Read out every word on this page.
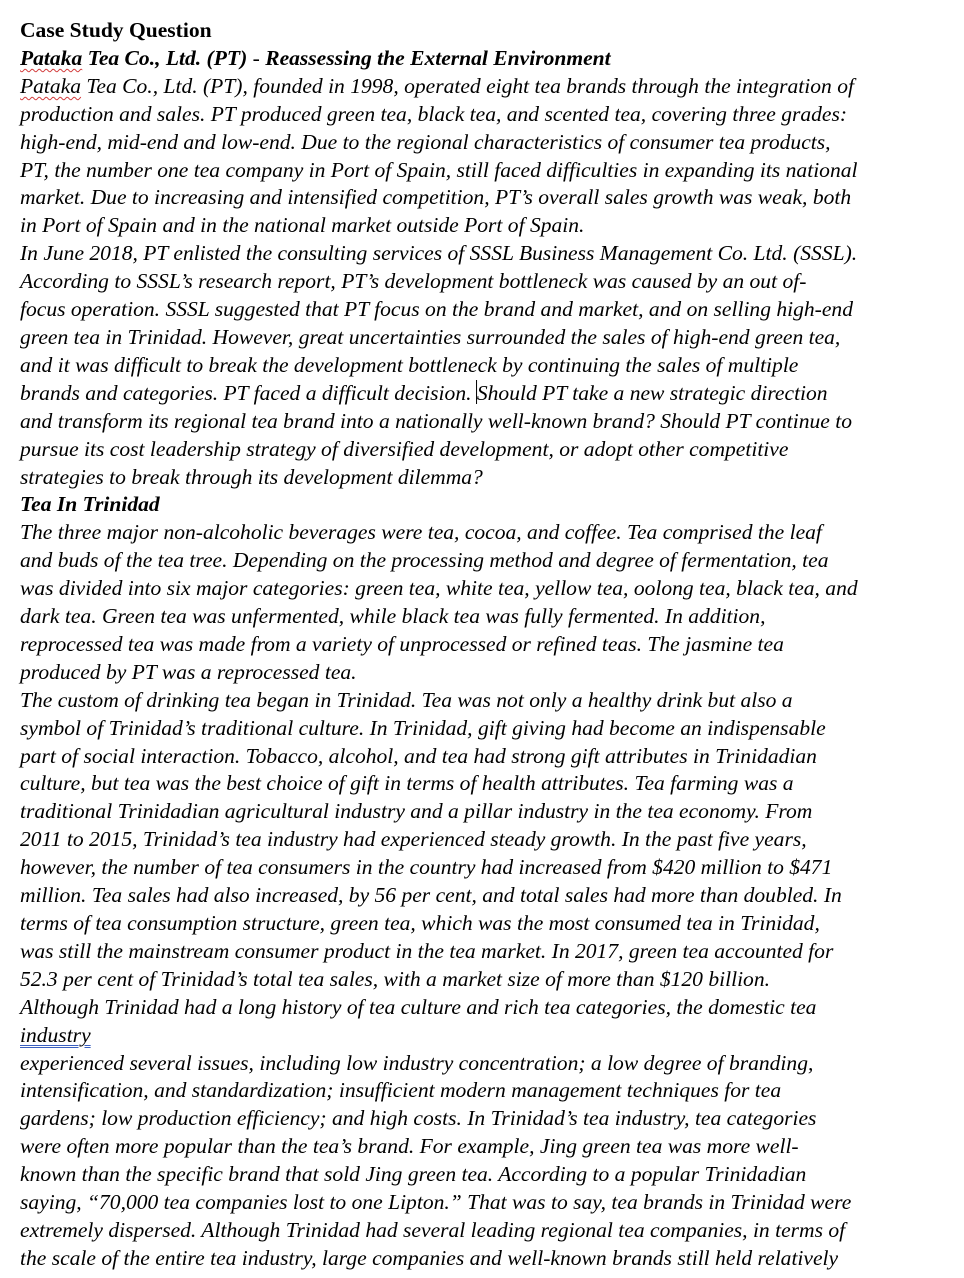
Case Study Question
Pataka Tea Co., Ltd. (PT) - Reassessing the External Environment
Pataka Tea Co., Ltd. (PT), founded in 1998, operated eight tea brands through the integration of
production and sales. PT produced green tea, black tea, and scented tea, covering three grades:
high-end, mid-end and low-end. Due to the regional characteristics of consumer tea products,
PT, the number one tea company in Port of Spain, still faced difficulties in expanding its national
market. Due to increasing and intensified competition, PT’s overall sales growth was weak, both
in Port of Spain and in the national market outside Port of Spain.
In June 2018, PT enlisted the consulting services of SSSL Business Management Co. Ltd. (SSSL).
According to SSSL’s research report, PT’s development bottleneck was caused by an out of-
focus operation. SSSL suggested that PT focus on the brand and market, and on selling high-end
green tea in Trinidad. However, great uncertainties surrounded the sales of high-end green tea,
and it was difficult to break the development bottleneck by continuing the sales of multiple
brands and categories. PT faced a difficult decision. Should PT take a new strategic direction
and transform its regional tea brand into a nationally well-known brand? Should PT continue to
pursue its cost leadership strategy of diversified development, or adopt other competitive
strategies to break through its development dilemma?
Tea In Trinidad
The three major non-alcoholic beverages were tea, cocoa, and coffee. Tea comprised the leaf
and buds of the tea tree. Depending on the processing method and degree of fermentation, tea
was divided into six major categories: green tea, white tea, yellow tea, oolong tea, black tea, and
dark tea. Green tea was unfermented, while black tea was fully fermented. In addition,
reprocessed tea was made from a variety of unprocessed or refined teas. The jasmine tea
produced by PT was a reprocessed tea.
The custom of drinking tea began in Trinidad. Tea was not only a healthy drink but also a
symbol of Trinidad’s traditional culture. In Trinidad, gift giving had become an indispensable
part of social interaction. Tobacco, alcohol, and tea had strong gift attributes in Trinidadian
culture, but tea was the best choice of gift in terms of health attributes. Tea farming was a
traditional Trinidadian agricultural industry and a pillar industry in the tea economy. From
2011 to 2015, Trinidad’s tea industry had experienced steady growth. In the past five years,
however, the number of tea consumers in the country had increased from $420 million to $471
million. Tea sales had also increased, by 56 per cent, and total sales had more than doubled. In
terms of tea consumption structure, green tea, which was the most consumed tea in Trinidad,
was still the mainstream consumer product in the tea market. In 2017, green tea accounted for
52.3 per cent of Trinidad’s total tea sales, with a market size of more than $120 billion.
Although Trinidad had a long history of tea culture and rich tea categories, the domestic tea
industry
experienced several issues, including low industry concentration; a low degree of branding,
intensification, and standardization; insufficient modern management techniques for tea
gardens; low production efficiency; and high costs. In Trinidad’s tea industry, tea categories
were often more popular than the tea’s brand. For example, Jing green tea was more well-
known than the specific brand that sold Jing green tea. According to a popular Trinidadian
saying, “70,000 tea companies lost to one Lipton.” That was to say, tea brands in Trinidad were
extremely dispersed. Although Trinidad had several leading regional tea companies, in terms of
the scale of the entire tea industry, large companies and well-known brands still held relatively
